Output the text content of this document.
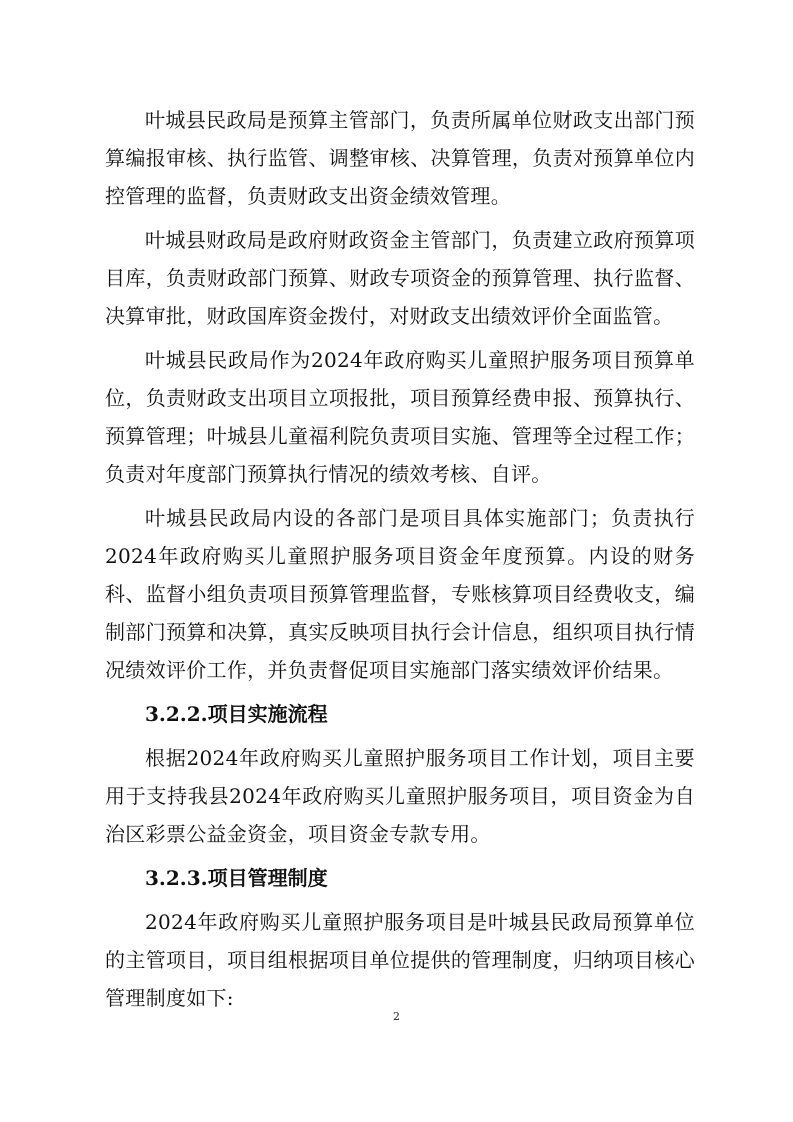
叶城县民政局是预算主管部门，负责所属单位财政支出部门预算编报审核、执行监管、调整审核、决算管理，负责对预算单位内控管理的监督，负责财政支出资金绩效管理。

叶城县财政局是政府财政资金主管部门，负责建立政府预算项目库，负责财政部门预算、财政专项资金的预算管理、执行监督、决算审批，财政国库资金拨付，对财政支出绩效评价全面监管。

叶城县民政局作为2024年政府购买儿童照护服务项目预算单位，负责财政支出项目立项报批，项目预算经费申报、预算执行、预算管理；叶城县儿童福利院负责项目实施、管理等全过程工作；负责对年度部门预算执行情况的绩效考核、自评。

叶城县民政局内设的各部门是项目具体实施部门；负责执行2024年政府购买儿童照护服务项目资金年度预算。内设的财务科、监督小组负责项目预算管理监督，专账核算项目经费收支，编制部门预算和决算，真实反映项目执行会计信息，组织项目执行情况绩效评价工作，并负责督促项目实施部门落实绩效评价结果。

3.2.2.项目实施流程

根据2024年政府购买儿童照护服务项目工作计划，项目主要用于支持我县2024年政府购买儿童照护服务项目，项目资金为自治区彩票公益金资金，项目资金专款专用。

3.2.3.项目管理制度

2024年政府购买儿童照护服务项目是叶城县民政局预算单位的主管项目，项目组根据项目单位提供的管理制度，归纳项目核心管理制度如下:

2
